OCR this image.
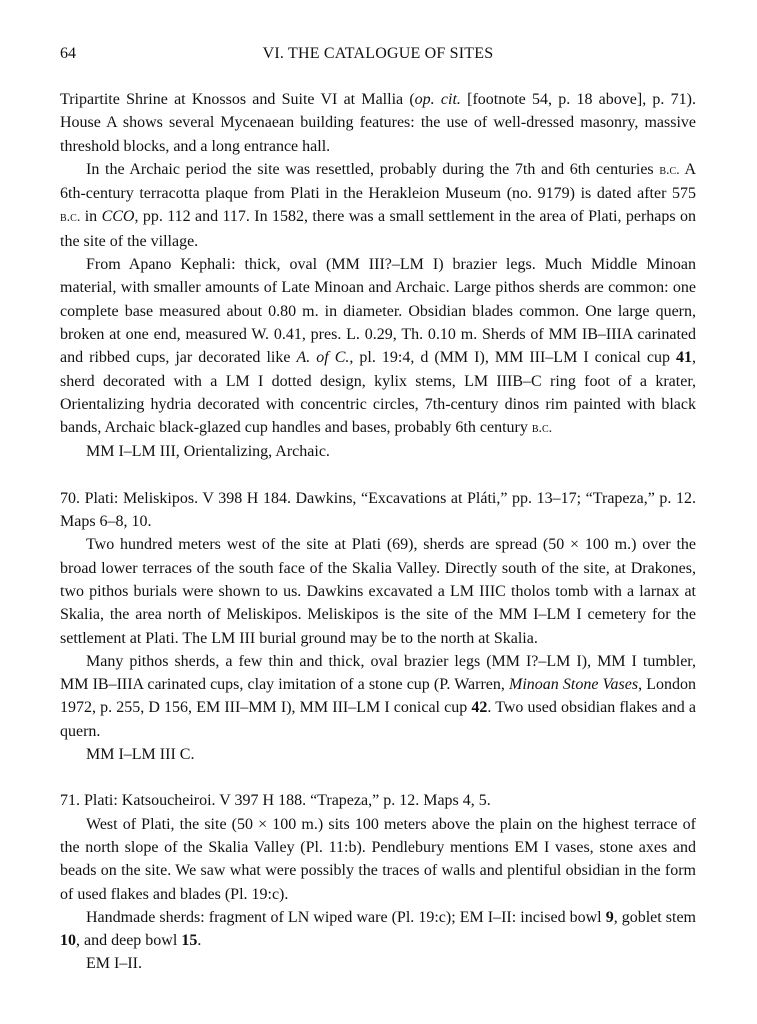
64	VI. THE CATALOGUE OF SITES

Tripartite Shrine at Knossos and Suite VI at Mallia (op. cit. [footnote 54, p. 18 above], p. 71). House A shows several Mycenaean building features: the use of well-dressed masonry, massive threshold blocks, and a long entrance hall.

In the Archaic period the site was resettled, probably during the 7th and 6th centuries b.c. A 6th-century terracotta plaque from Plati in the Herakleion Museum (no. 9179) is dated after 575 b.c. in CCO, pp. 112 and 117. In 1582, there was a small settlement in the area of Plati, perhaps on the site of the village.

From Apano Kephali: thick, oval (MM III?–LM I) brazier legs. Much Middle Minoan material, with smaller amounts of Late Minoan and Archaic. Large pithos sherds are common: one complete base measured about 0.80 m. in diameter. Obsidian blades common. One large quern, broken at one end, measured W. 0.41, pres. L. 0.29, Th. 0.10 m. Sherds of MM IB–IIIA carinated and ribbed cups, jar decorated like A. of C., pl. 19:4, d (MM I), MM III–LM I conical cup 41, sherd decorated with a LM I dotted design, kylix stems, LM IIIB–C ring foot of a krater, Orientalizing hydria decorated with concentric circles, 7th-century dinos rim painted with black bands, Archaic black-glazed cup handles and bases, probably 6th century b.c.

MM I–LM III, Orientalizing, Archaic.

70. Plati: Meliskipos. V 398 H 184. Dawkins, “Excavations at Pláti,” pp. 13–17; “Trapeza,” p. 12. Maps 6–8, 10.

Two hundred meters west of the site at Plati (69), sherds are spread (50 × 100 m.) over the broad lower terraces of the south face of the Skalia Valley. Directly south of the site, at Drakones, two pithos burials were shown to us. Dawkins excavated a LM IIIC tholos tomb with a larnax at Skalia, the area north of Meliskipos. Meliskipos is the site of the MM I–LM I cemetery for the settlement at Plati. The LM III burial ground may be to the north at Skalia.

Many pithos sherds, a few thin and thick, oval brazier legs (MM I?–LM I), MM I tumbler, MM IB–IIIA carinated cups, clay imitation of a stone cup (P. Warren, Minoan Stone Vases, London 1972, p. 255, D 156, EM III–MM I), MM III–LM I conical cup 42. Two used obsidian flakes and a quern.

MM I–LM III C.

71. Plati: Katsoucheiroi. V 397 H 188. “Trapeza,” p. 12. Maps 4, 5.

West of Plati, the site (50 × 100 m.) sits 100 meters above the plain on the highest terrace of the north slope of the Skalia Valley (Pl. 11:b). Pendlebury mentions EM I vases, stone axes and beads on the site. We saw what were possibly the traces of walls and plentiful obsidian in the form of used flakes and blades (Pl. 19:c).

Handmade sherds: fragment of LN wiped ware (Pl. 19:c); EM I–II: incised bowl 9, goblet stem 10, and deep bowl 15.

EM I–II.
